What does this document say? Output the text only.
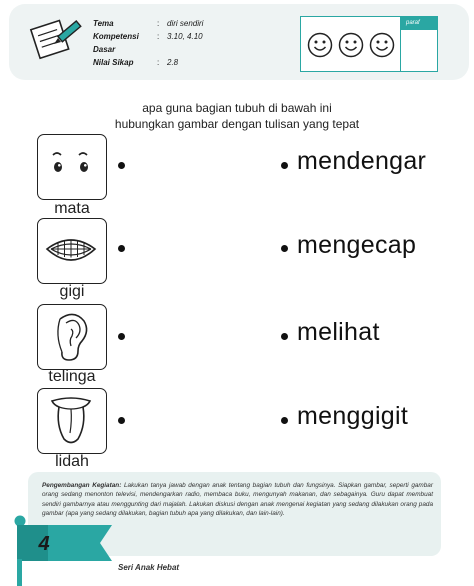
Tema	: diri sendiri
Kompetensi Dasar
: 3.10, 4.10
Nilai Sikap	: 2.8
paraf
apa guna bagian tubuh di bawah ini
hubungkan gambar dengan tulisan yang tepat
mata
mendengar
gigi
mengecap
telinga
melihat
lidah
menggigit
Pengembangan Kegiatan: Lakukan tanya jawab dengan anak tentang bagian tubuh dan fungsinya. Siapkan gambar, seperti gambar orang sedang menonton televisi, mendengarkan radio, membaca buku, mengunyah makanan, dan sebagainya. Guru dapat membuat sendiri gambarnya atau menggunting dari majalah. Lakukan diskusi dengan anak mengenai kegiatan yang sedang dilakukan orang pada gambar (apa yang sedang dilakukan, bagian tubuh apa yang dilakukan, dan lain-lain).
4
Seri Anak Hebat
